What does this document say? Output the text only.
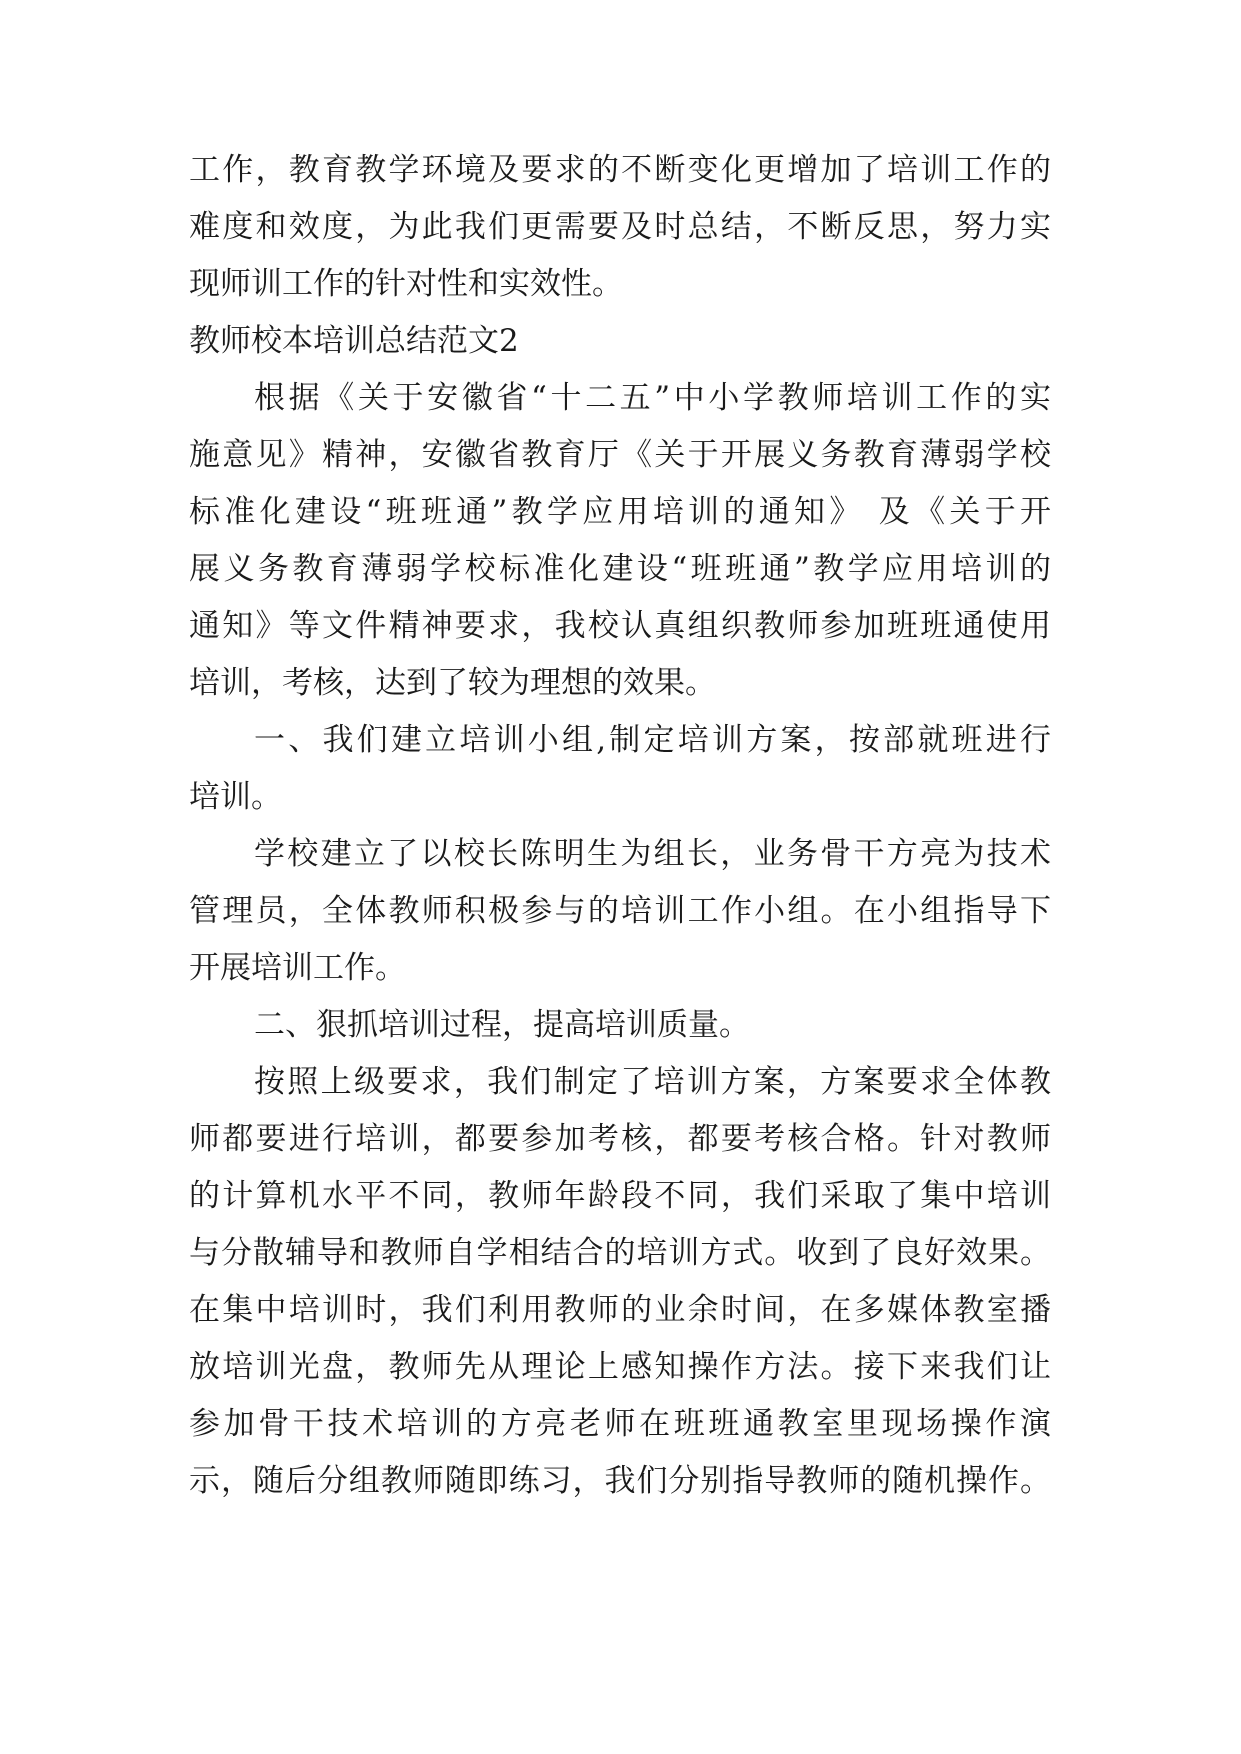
工作，教育教学环境及要求的不断变化更增加了培训工作的
难度和效度，为此我们更需要及时总结，不断反思，努力实
现师训工作的针对性和实效性。
教师校本培训总结范文2
根据《关于安徽省“十二五”中小学教师培训工作的实
施意见》精神，安徽省教育厅《关于开展义务教育薄弱学校
标准化建设“班班通”教学应用培训的通知》 及《关于开
展义务教育薄弱学校标准化建设“班班通”教学应用培训的
通知》等文件精神要求，我校认真组织教师参加班班通使用
培训，考核，达到了较为理想的效果。
一、我们建立培训小组,制定培训方案，按部就班进行
培训。
学校建立了以校长陈明生为组长，业务骨干方亮为技术
管理员，全体教师积极参与的培训工作小组。在小组指导下
开展培训工作。
二、狠抓培训过程，提高培训质量。
按照上级要求，我们制定了培训方案，方案要求全体教
师都要进行培训，都要参加考核，都要考核合格。针对教师
的计算机水平不同，教师年龄段不同，我们采取了集中培训
与分散辅导和教师自学相结合的培训方式。收到了良好效果。
在集中培训时，我们利用教师的业余时间，在多媒体教室播
放培训光盘，教师先从理论上感知操作方法。接下来我们让
参加骨干技术培训的方亮老师在班班通教室里现场操作演
示，随后分组教师随即练习，我们分别指导教师的随机操作。
